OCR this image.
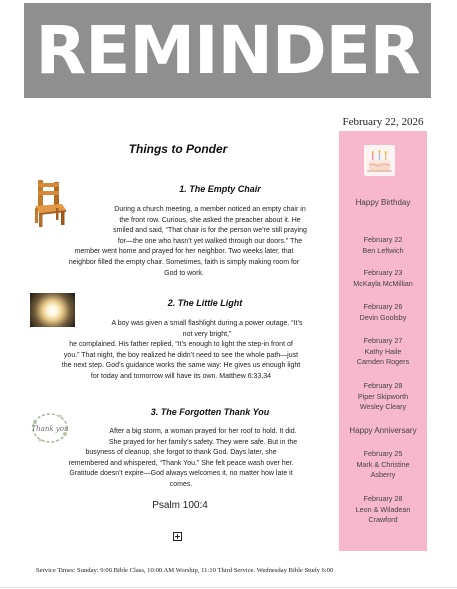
REMINDER
February 22, 2026
Happy Birthday
February 22
Ben Leftwich
February 23
McKayla McMillian
February 26
Devin Goolsby
February 27
Kathy Haile
Camden Rogers
February 28
Piper Skipworth
Wesley Cleary
Happy Anniversary
February 25
Mark & Christine
Asberry
February 28
Leon & Wiladean
Crawford
Things to Ponder
1. The Empty Chair

During a church meeting, a member noticed an empty chair in

the front row. Curious, she asked the preacher about it. He

smiled and said, “That chair is for the person we’re still praying

for—the one who hasn’t yet walked through our doors.” The

member went home and prayed for her neighbor. Two weeks later, that

neighbor filled the empty chair. Sometimes, faith is simply making room for

God to work.

2. The Little Light

A boy was given a small flashlight during a power outage. “It’s

not very bright,”

he complained. His father replied, “It’s enough to light the step-in front of

you.” That night, the boy realized he didn’t need to see the whole path—just

the next step. God’s guidance works the same way: He gives us enough light

for today and tomorrow will have its own. Matthew 6:33,34

Thank you
3. The Forgotten Thank You

After a big storm, a woman prayed for her roof to hold. It did.

She prayed for her family’s safety. They were safe. But in the

busyness of cleanup, she forgot to thank God. Days later, she

remembered and whispered, “Thank You.” She felt peace wash over her.

Gratitude doesn’t expire—God always welcomes it, no matter how late it

comes.

Psalm 100:4
Service Times: Sunday: 9:00 Bible Class, 10:00 AM Worship, 11:10 Third Service. Wednesday Bible Study 6:00
